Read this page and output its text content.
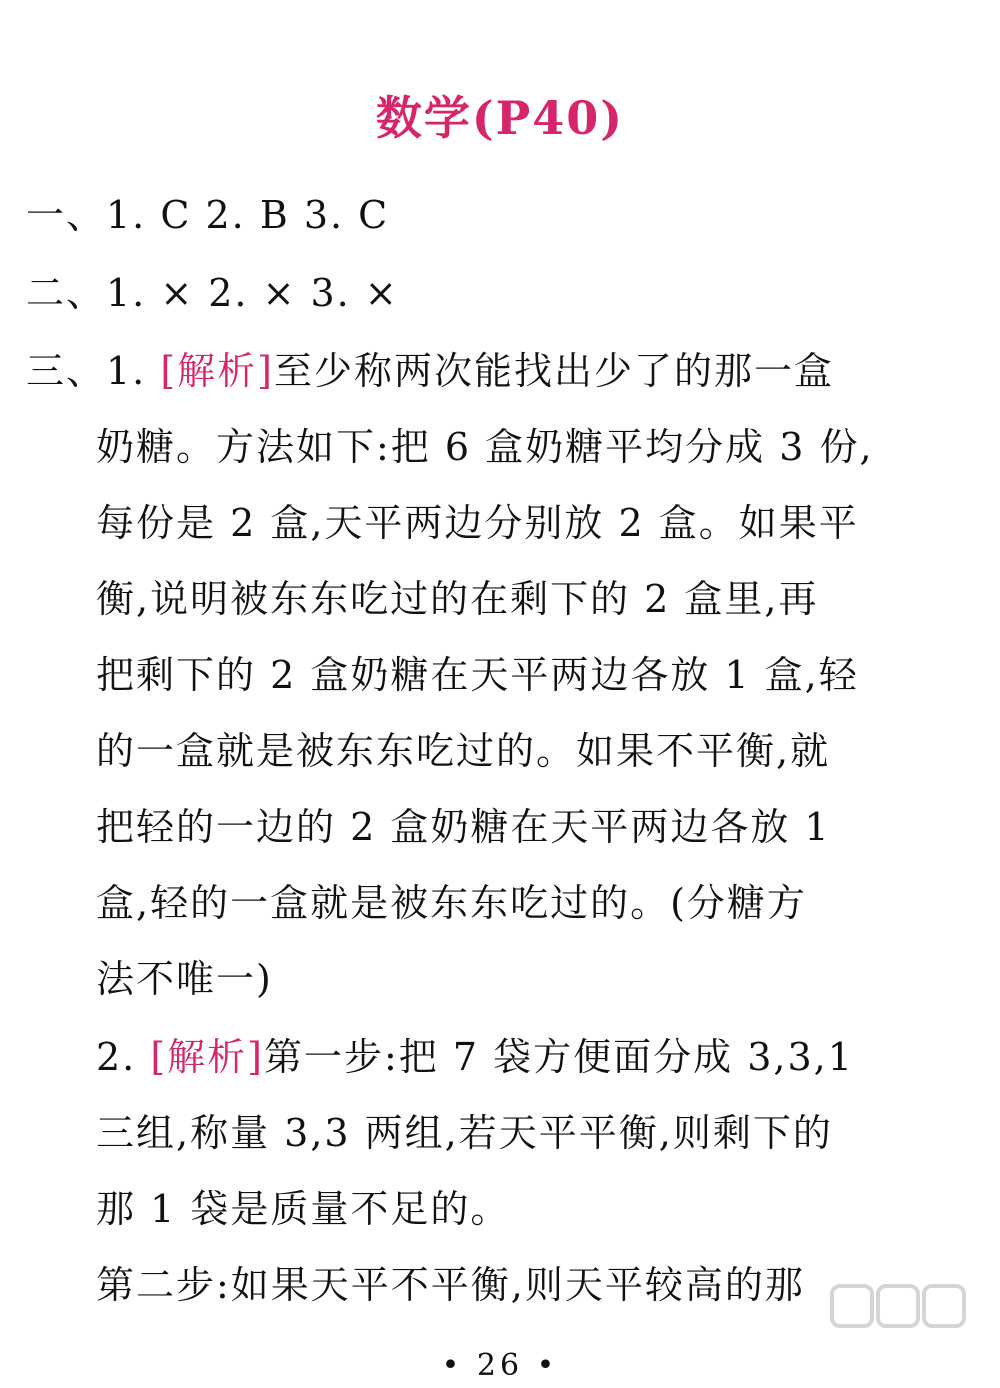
数学(P40)
一、1. C 2. B 3. C
二、1. × 2. × 3. ×
三、1. [解析]至少称两次能找出少了的那一盒
奶糖。方法如下:把 6 盒奶糖平均分成 3 份,
每份是 2 盒,天平两边分别放 2 盒。如果平
衡,说明被东东吃过的在剩下的 2 盒里,再
把剩下的 2 盒奶糖在天平两边各放 1 盒,轻
的一盒就是被东东吃过的。如果不平衡,就
把轻的一边的 2 盒奶糖在天平两边各放 1
盒,轻的一盒就是被东东吃过的。(分糖方
法不唯一)
2. [解析]第一步:把 7 袋方便面分成 3,3,1
三组,称量 3,3 两组,若天平平衡,则剩下的
那 1 袋是质量不足的。
第二步:如果天平不平衡,则天平较高的那
• 26 •
